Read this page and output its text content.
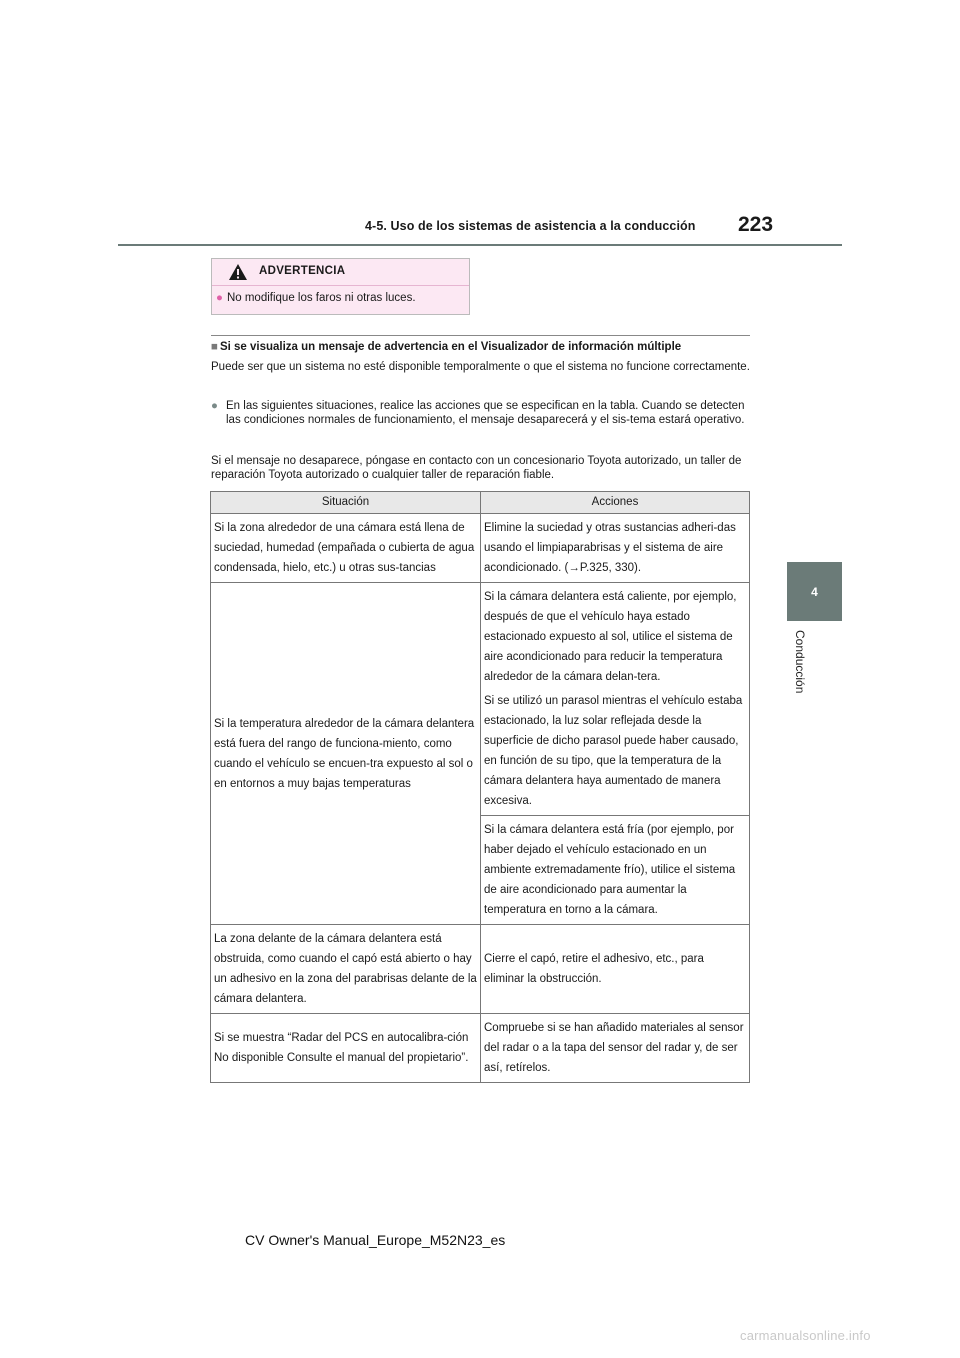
4-5. Uso de los sistemas de asistencia a la conducción 223
4
Conducción
ADVERTENCIA
● No modifique los faros ni otras luces.
■ Si se visualiza un mensaje de advertencia en el Visualizador de información múltiple
Puede ser que un sistema no esté disponible temporalmente o que el sistema no funcione correctamente.
● En las siguientes situaciones, realice las acciones que se especifican en la tabla. Cuando se detecten las condiciones normales de funcionamiento, el mensaje desaparecerá y el sis-tema estará operativo.
Si el mensaje no desaparece, póngase en contacto con un concesionario Toyota autorizado, un taller de reparación Toyota autorizado o cualquier taller de reparación fiable.
Situación	Acciones
Si la zona alrededor de una cámara está llena de suciedad, humedad (empañada o cubierta de agua condensada, hielo, etc.) u otras sus-tancias	Elimine la suciedad y otras sustancias adheri-das usando el limpiaparabrisas y el sistema de aire acondicionado. (→P.325, 330).
Si la temperatura alrededor de la cámara delantera está fuera del rango de funciona-miento, como cuando el vehículo se encuen-tra expuesto al sol o en entornos a muy bajas temperaturas	Si la cámara delantera está caliente, por ejemplo, después de que el vehículo haya estado estacionado expuesto al sol, utilice el sistema de aire acondicionado para reducir la temperatura alrededor de la cámara delan-tera.
Si se utilizó un parasol mientras el vehículo estaba estacionado, la luz solar reflejada desde la superficie de dicho parasol puede haber causado, en función de su tipo, que la temperatura de la cámara delantera haya aumentado de manera excesiva.

	Si la cámara delantera está fría (por ejemplo, por haber dejado el vehículo estacionado en un ambiente extremadamente frío), utilice el sistema de aire acondicionado para aumentar la temperatura en torno a la cámara.
La zona delante de la cámara delantera está obstruida, como cuando el capó está abierto o hay un adhesivo en la zona del parabrisas delante de la cámara delantera.	Cierre el capó, retire el adhesivo, etc., para eliminar la obstrucción.
Si se muestra “Radar del PCS en autocalibra-ción No disponible Consulte el manual del propietario”.	Compruebe si se han añadido materiales al sensor del radar o a la tapa del sensor del radar y, de ser así, retírelos.
CV Owner's Manual_Europe_M52N23_es
carmanualsonline.info
